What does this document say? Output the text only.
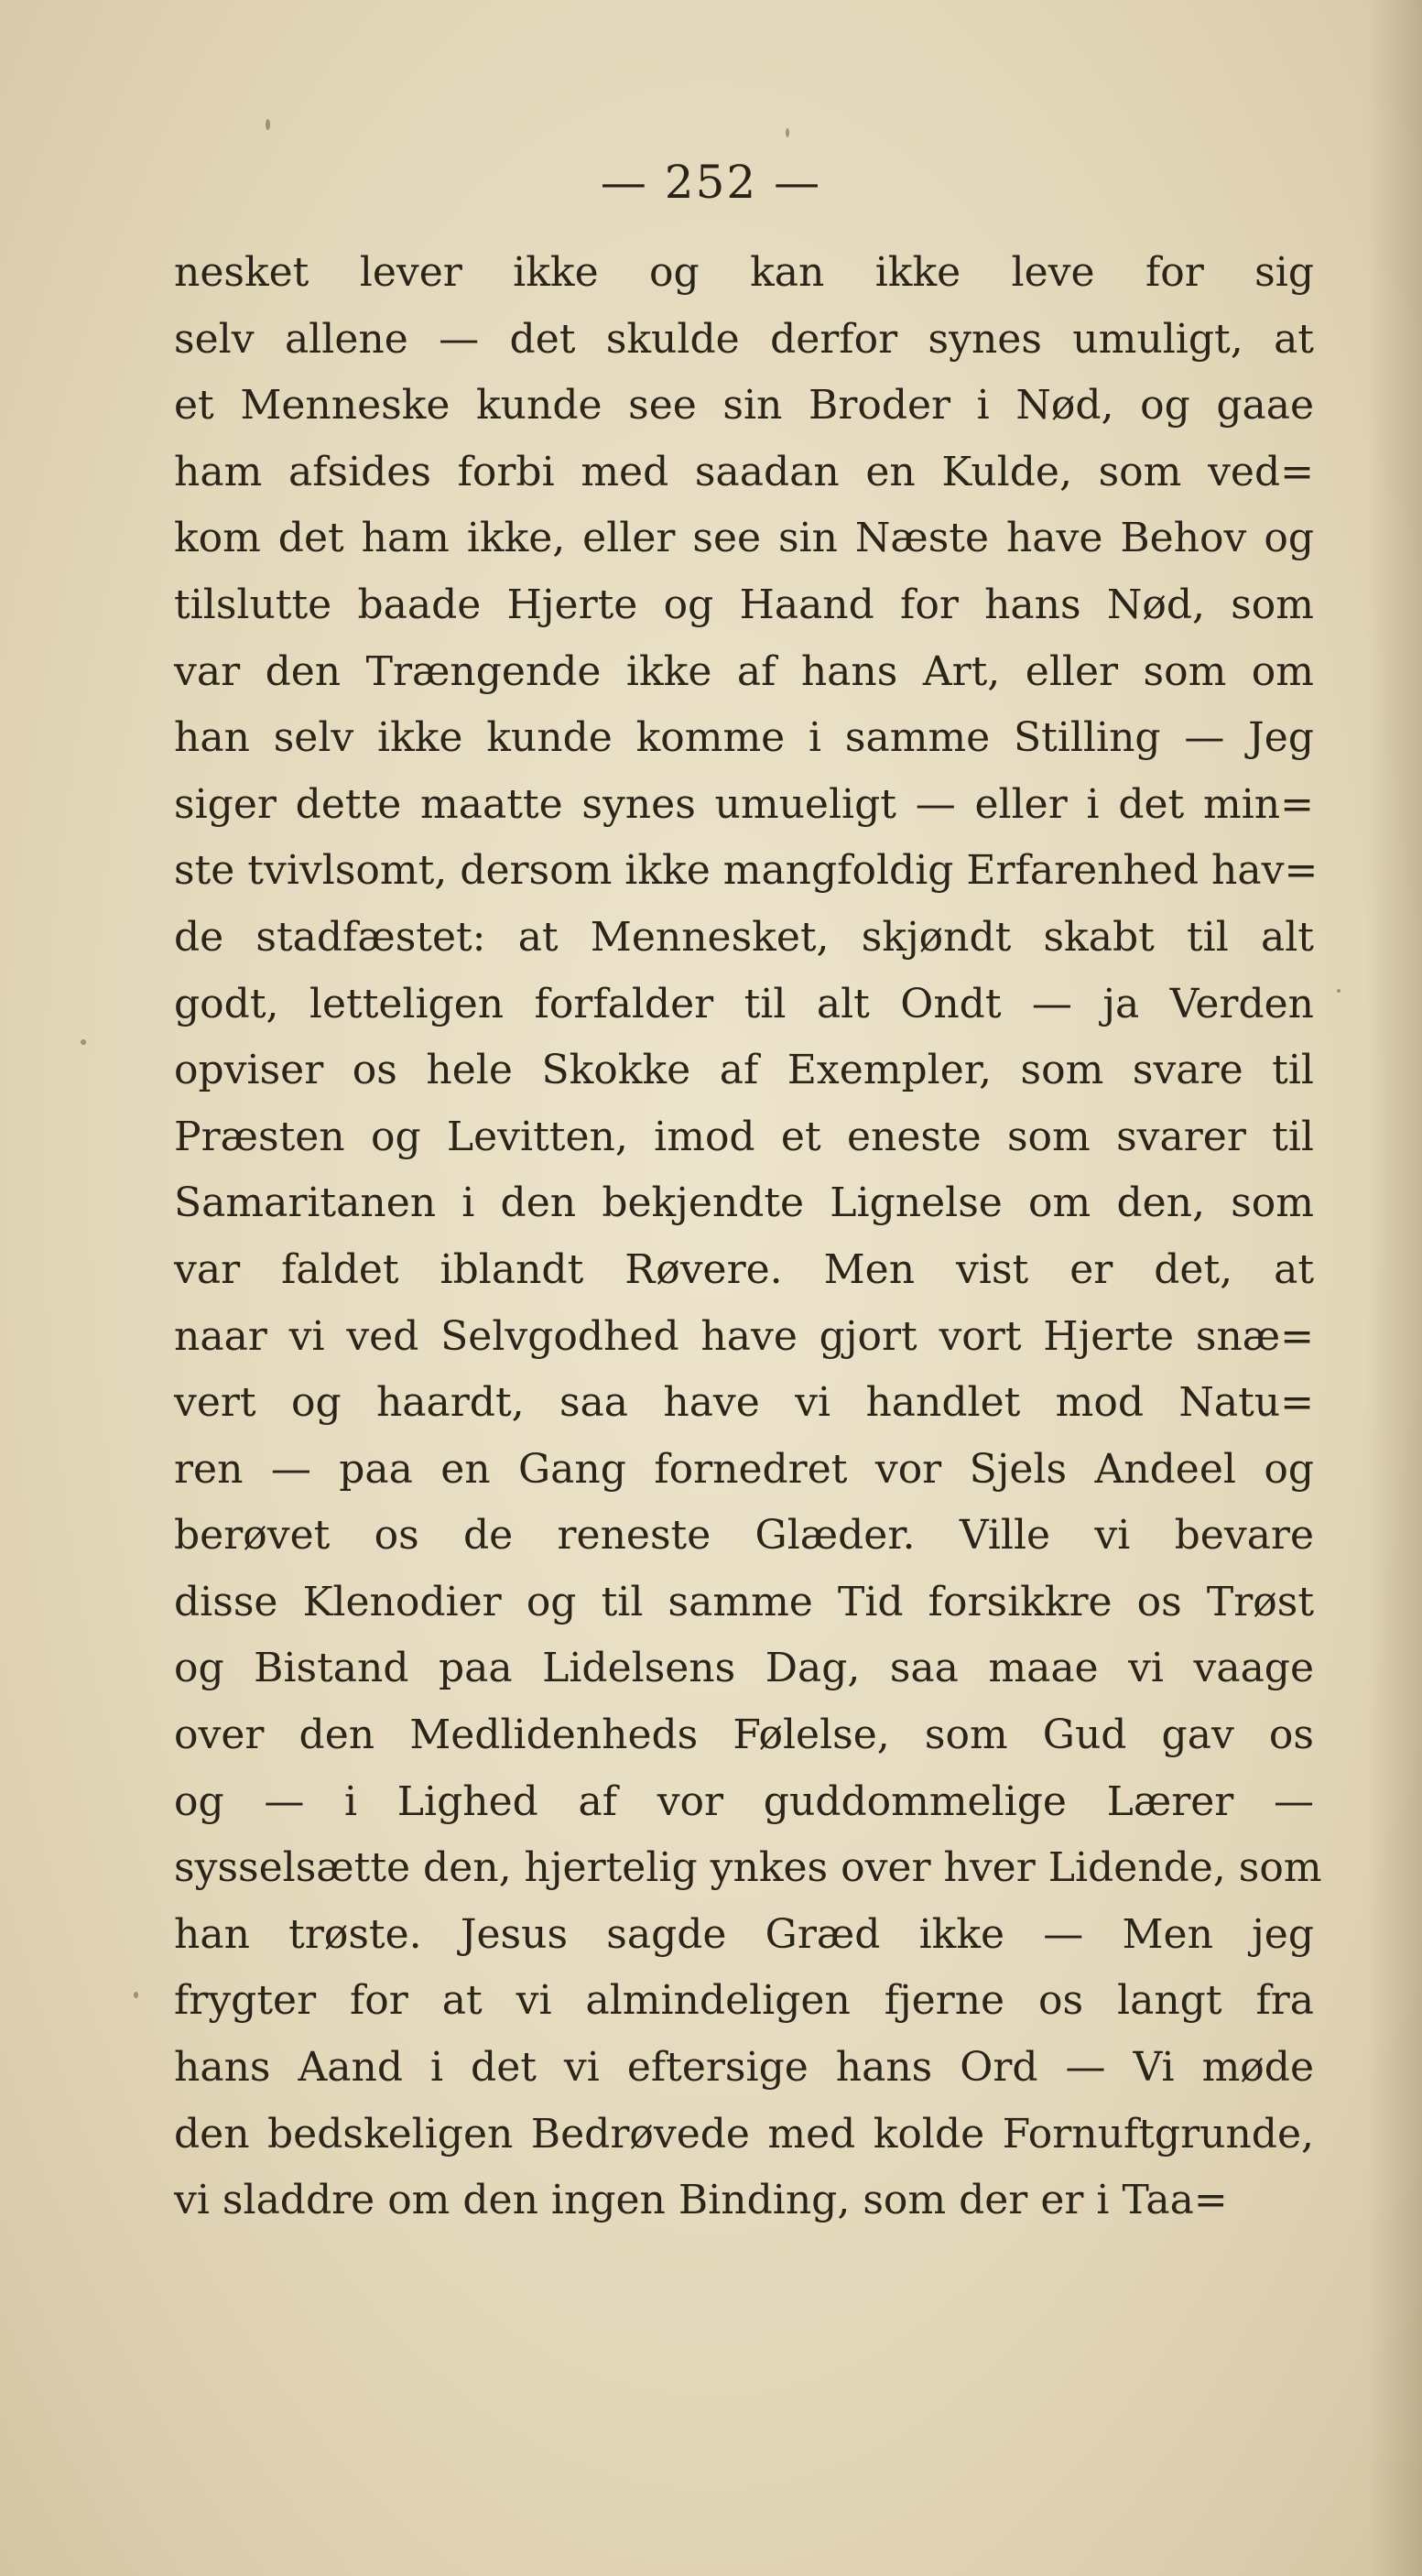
— 252 —
nesket lever ikke og kan ikke leve for sig
selv allene — det skulde derfor synes umuligt, at
et Menneske kunde see sin Broder i Nød, og gaae
ham afsides forbi med saadan en Kulde, som ved=
kom det ham ikke, eller see sin Næste have Behov og
tilslutte baade Hjerte og Haand for hans Nød, som
var den Trængende ikke af hans Art, eller som om
han selv ikke kunde komme i samme Stilling — Jeg
siger dette maatte synes umueligt — eller i det min=
ste tvivlsomt, dersom ikke mangfoldig Erfarenhed hav=
de stadfæstet: at Mennesket, skjøndt skabt til alt
godt, letteligen forfalder til alt Ondt — ja Verden
opviser os hele Skokke af Exempler, som svare til
Præsten og Levitten, imod et eneste som svarer til
Samaritanen i den bekjendte Lignelse om den, som
var faldet iblandt Røvere. Men vist er det, at
naar vi ved Selvgodhed have gjort vort Hjerte snæ=
vert og haardt, saa have vi handlet mod Natu=
ren — paa en Gang fornedret vor Sjels Andeel og
berøvet os de reneste Glæder. Ville vi bevare
disse Klenodier og til samme Tid forsikkre os Trøst
og Bistand paa Lidelsens Dag, saa maae vi vaage
over den Medlidenheds Følelse, som Gud gav os
og — i Lighed af vor guddommelige Lærer —
sysselsætte den, hjertelig ynkes over hver Lidende, som
han trøste. Jesus sagde Græd ikke — Men jeg
frygter for at vi almindeligen fjerne os langt fra
hans Aand i det vi eftersige hans Ord — Vi møde
den bedskeligen Bedrøvede med kolde Fornuftgrunde,
vi sladdre om den ingen Binding, som der er i Taa=
